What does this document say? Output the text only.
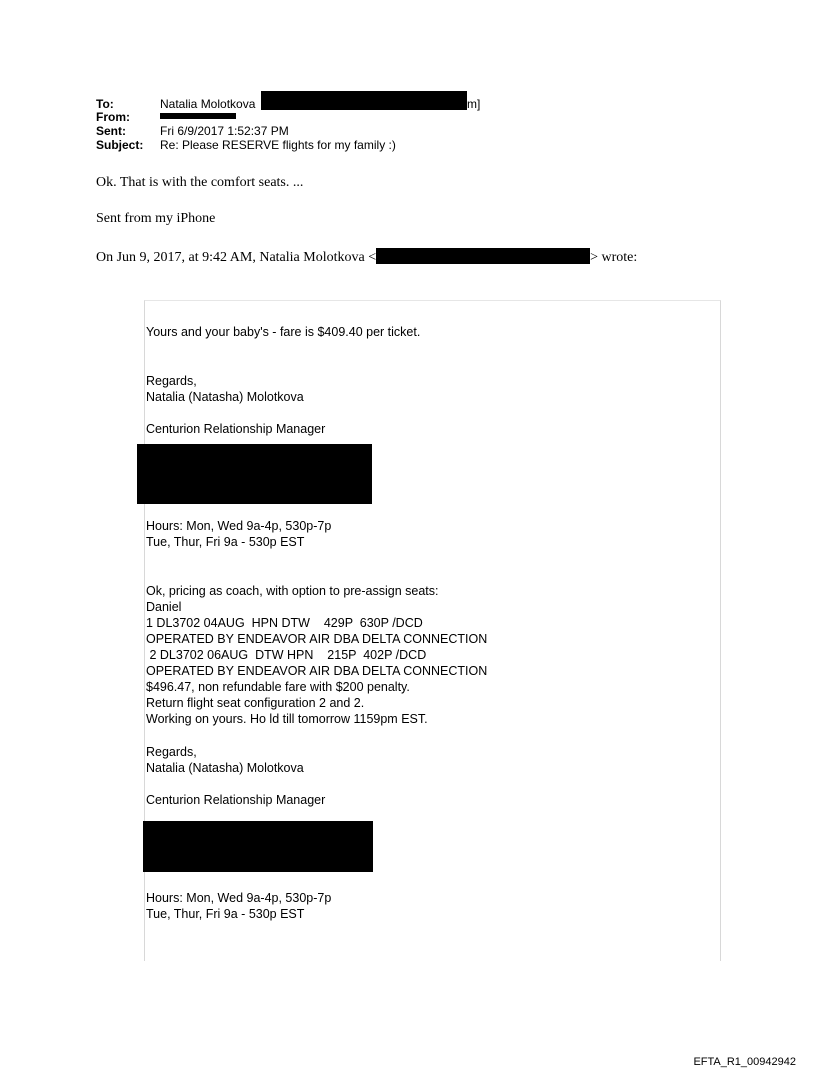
To:	Natalia Molotkova
From:
Sent:	Fri 6/9/2017 1:52:37 PM
Subject: Re: Please RESERVE flights for my family :)
m]
Ok. That is with the comfort seats. ...
Sent from my iPhone
On Jun 9, 2017, at 9:42 AM, Natalia Molotkova <	> wrote:
Yours and your baby's - fare is $409.40 per ticket.
Regards,
Natalia (Natasha) Molotkova
Centurion Relationship Manager
Hours: Mon, Wed 9a-4p, 530p-7p
Tue, Thur, Fri 9a - 530p EST
Ok, pricing as coach, with option to pre-assign seats:
Daniel
1 DL3702 04AUG  HPN DTW    429P  630P /DCD
OPERATED BY ENDEAVOR AIR DBA DELTA CONNECTION
2 DL3702 06AUG  DTW HPN    215P  402P /DCD
OPERATED BY ENDEAVOR AIR DBA DELTA CONNECTION
$496.47, non refundable fare with $200 penalty.
Return flight seat configuration 2 and 2.
Working on yours. Ho ld till tomorrow 1159pm EST.
Regards,
Natalia (Natasha) Molotkova
Centurion Relationship Manager
Hours: Mon, Wed 9a-4p, 530p-7p
Tue, Thur, Fri 9a - 530p EST
EFTA_R1_00942942
